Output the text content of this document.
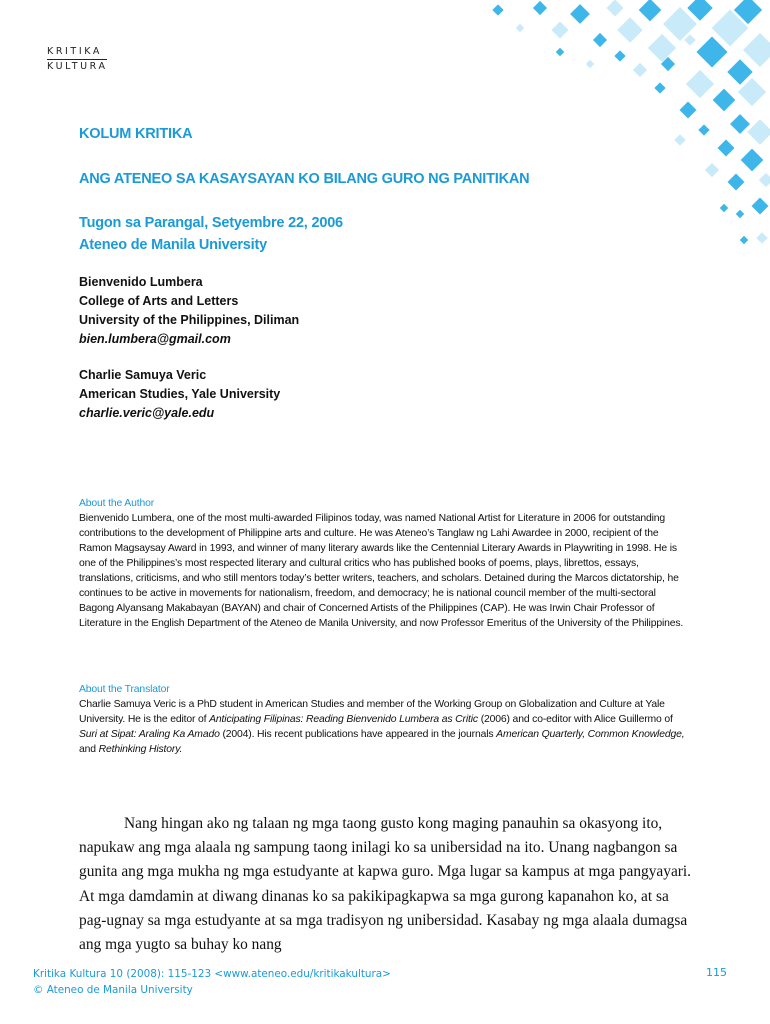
KRITIKA
KULTURA
KOLUM KRITIKA
ANG ATENEO SA KASAYSAYAN KO BILANG GURO NG PANITIKAN
Tugon sa Parangal, Setyembre 22, 2006
Ateneo de Manila University
Bienvenido Lumbera
College of Arts and Letters
University of the Philippines, Diliman
bien.lumbera@gmail.com
Charlie Samuya Veric
American Studies, Yale University
charlie.veric@yale.edu
About the Author
Bienvenido Lumbera, one of the most multi-awarded Filipinos today, was named National Artist for Literature in 2006 for outstanding contributions to the development of Philippine arts and culture. He was Ateneo’s Tanglaw ng Lahi Awardee in 2000, recipient of the Ramon Magsaysay Award in 1993, and winner of many literary awards like the Centennial Literary Awards in Playwriting in 1998. He is one of the Philippines’s most respected literary and cultural critics who has published books of poems, plays, librettos, essays, translations, criticisms, and who still mentors today’s better writers, teachers, and scholars. Detained during the Marcos dictatorship, he continues to be active in movements for nationalism, freedom, and democracy; he is national council member of the multi-sectoral Bagong Alyansang Makabayan (BAYAN) and chair of Concerned Artists of the Philippines (CAP). He was Irwin Chair Professor of Literature in the English Department of the Ateneo de Manila University, and now Professor Emeritus of the University of the Philippines.
About the Translator
Charlie Samuya Veric is a PhD student in American Studies and member of the Working Group on Globalization and Culture at Yale University. He is the editor of Anticipating Filipinas: Reading Bienvenido Lumbera as Critic (2006) and co-editor with Alice Guillermo of Suri at Sipat: Araling Ka Amado (2004). His recent publications have appeared in the journals American Quarterly, Common Knowledge, and Rethinking History.

Nang hingan ako ng talaan ng mga taong gusto kong maging panauhin sa okasyong ito, napukaw ang mga alaala ng sampung taong inilagi ko sa unibersidad na ito. Unang nagbangon sa gunita ang mga mukha ng mga estudyante at kapwa guro. Mga lugar sa kampus at mga pangyayari. At mga damdamin at diwang dinanas ko sa pakikipagkapwa sa mga gurong kapanahon ko, at sa pag-ugnay sa mga estudyante at sa mga tradisyon ng unibersidad. Kasabay ng mga alaala dumagsa ang mga yugto sa buhay ko nang

Kritika Kultura 10 (2008): 115-123 <www.ateneo.edu/kritikakultura>
© Ateneo de Manila University
115
